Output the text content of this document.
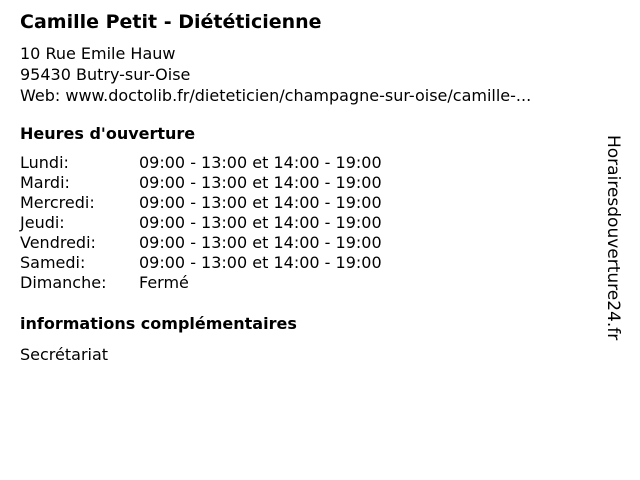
Camille Petit - Diététicienne
10 Rue Emile Hauw
95430 Butry-sur-Oise
Web: www.doctolib.fr/dieteticien/champagne-sur-oise/camille-...
Heures d'ouverture
Lundi:	09:00 - 13:00 et 14:00 - 19:00
Mardi:	09:00 - 13:00 et 14:00 - 19:00
Mercredi:	09:00 - 13:00 et 14:00 - 19:00
Jeudi:	09:00 - 13:00 et 14:00 - 19:00
Vendredi:	09:00 - 13:00 et 14:00 - 19:00
Samedi:	09:00 - 13:00 et 14:00 - 19:00
Dimanche:	Fermé
informations complémentaires
Secrétariat
Horairesdouverture24.fr
